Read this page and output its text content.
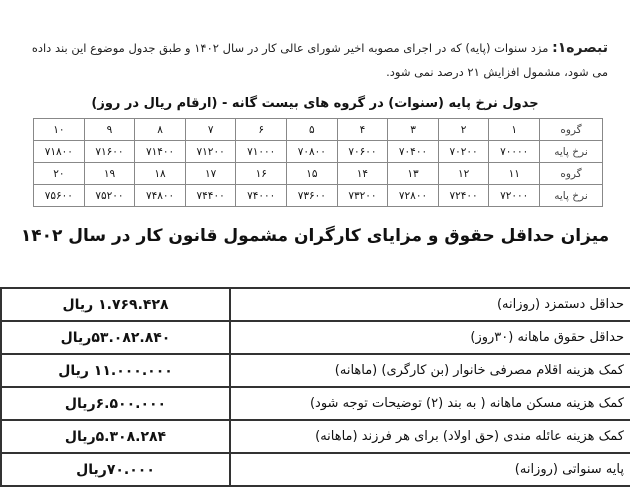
تبصره۱: مزد سنوات (پایه) که در اجرای مصوبه اخیر شورای عالی کار در سال ۱۴۰۲ و طبق جدول موضوع این بند داده می شود، مشمول افزایش ۲۱ درصد نمی شود.
جدول نرخ پایه (سنوات) در گروه های بیست گانه - (ارقام ریال در روز)
گروه	۱	۲	۳	۴	۵	۶	۷	۸	۹	۱۰
نرخ پایه	۷۰۰۰۰	۷۰۲۰۰	۷۰۴۰۰	۷۰۶۰۰	۷۰۸۰۰	۷۱۰۰۰	۷۱۲۰۰	۷۱۴۰۰	۷۱۶۰۰	۷۱۸۰۰
گروه	۱۱	۱۲	۱۳	۱۴	۱۵	۱۶	۱۷	۱۸	۱۹	۲۰
نرخ پایه	۷۲۰۰۰	۷۲۴۰۰	۷۲۸۰۰	۷۳۲۰۰	۷۳۶۰۰	۷۴۰۰۰	۷۴۴۰۰	۷۴۸۰۰	۷۵۲۰۰	۷۵۶۰۰
میزان حداقل حقوق و مزایای کارگران مشمول قانون کار در سال ۱۴۰۲
حداقل دستمزد (روزانه)	۱.۷۶۹.۴۲۸ ریال
حداقل حقوق ماهانه (۳۰روز)	۵۳.۰۸۲.۸۴۰ریال
کمک هزینه اقلام مصرفی خانوار (بن کارگری) (ماهانه)	۱۱.۰۰۰.۰۰۰ ریال
کمک هزینه مسکن ماهانه ( به بند (۲) توضیحات توجه شود)	۶.۵۰۰.۰۰۰ریال
کمک هزینه عائله مندی (حق اولاد) برای هر فرزند (ماهانه)	۵.۳۰۸.۲۸۴ریال
پایه سنواتی (روزانه)	۷۰.۰۰۰ریال
